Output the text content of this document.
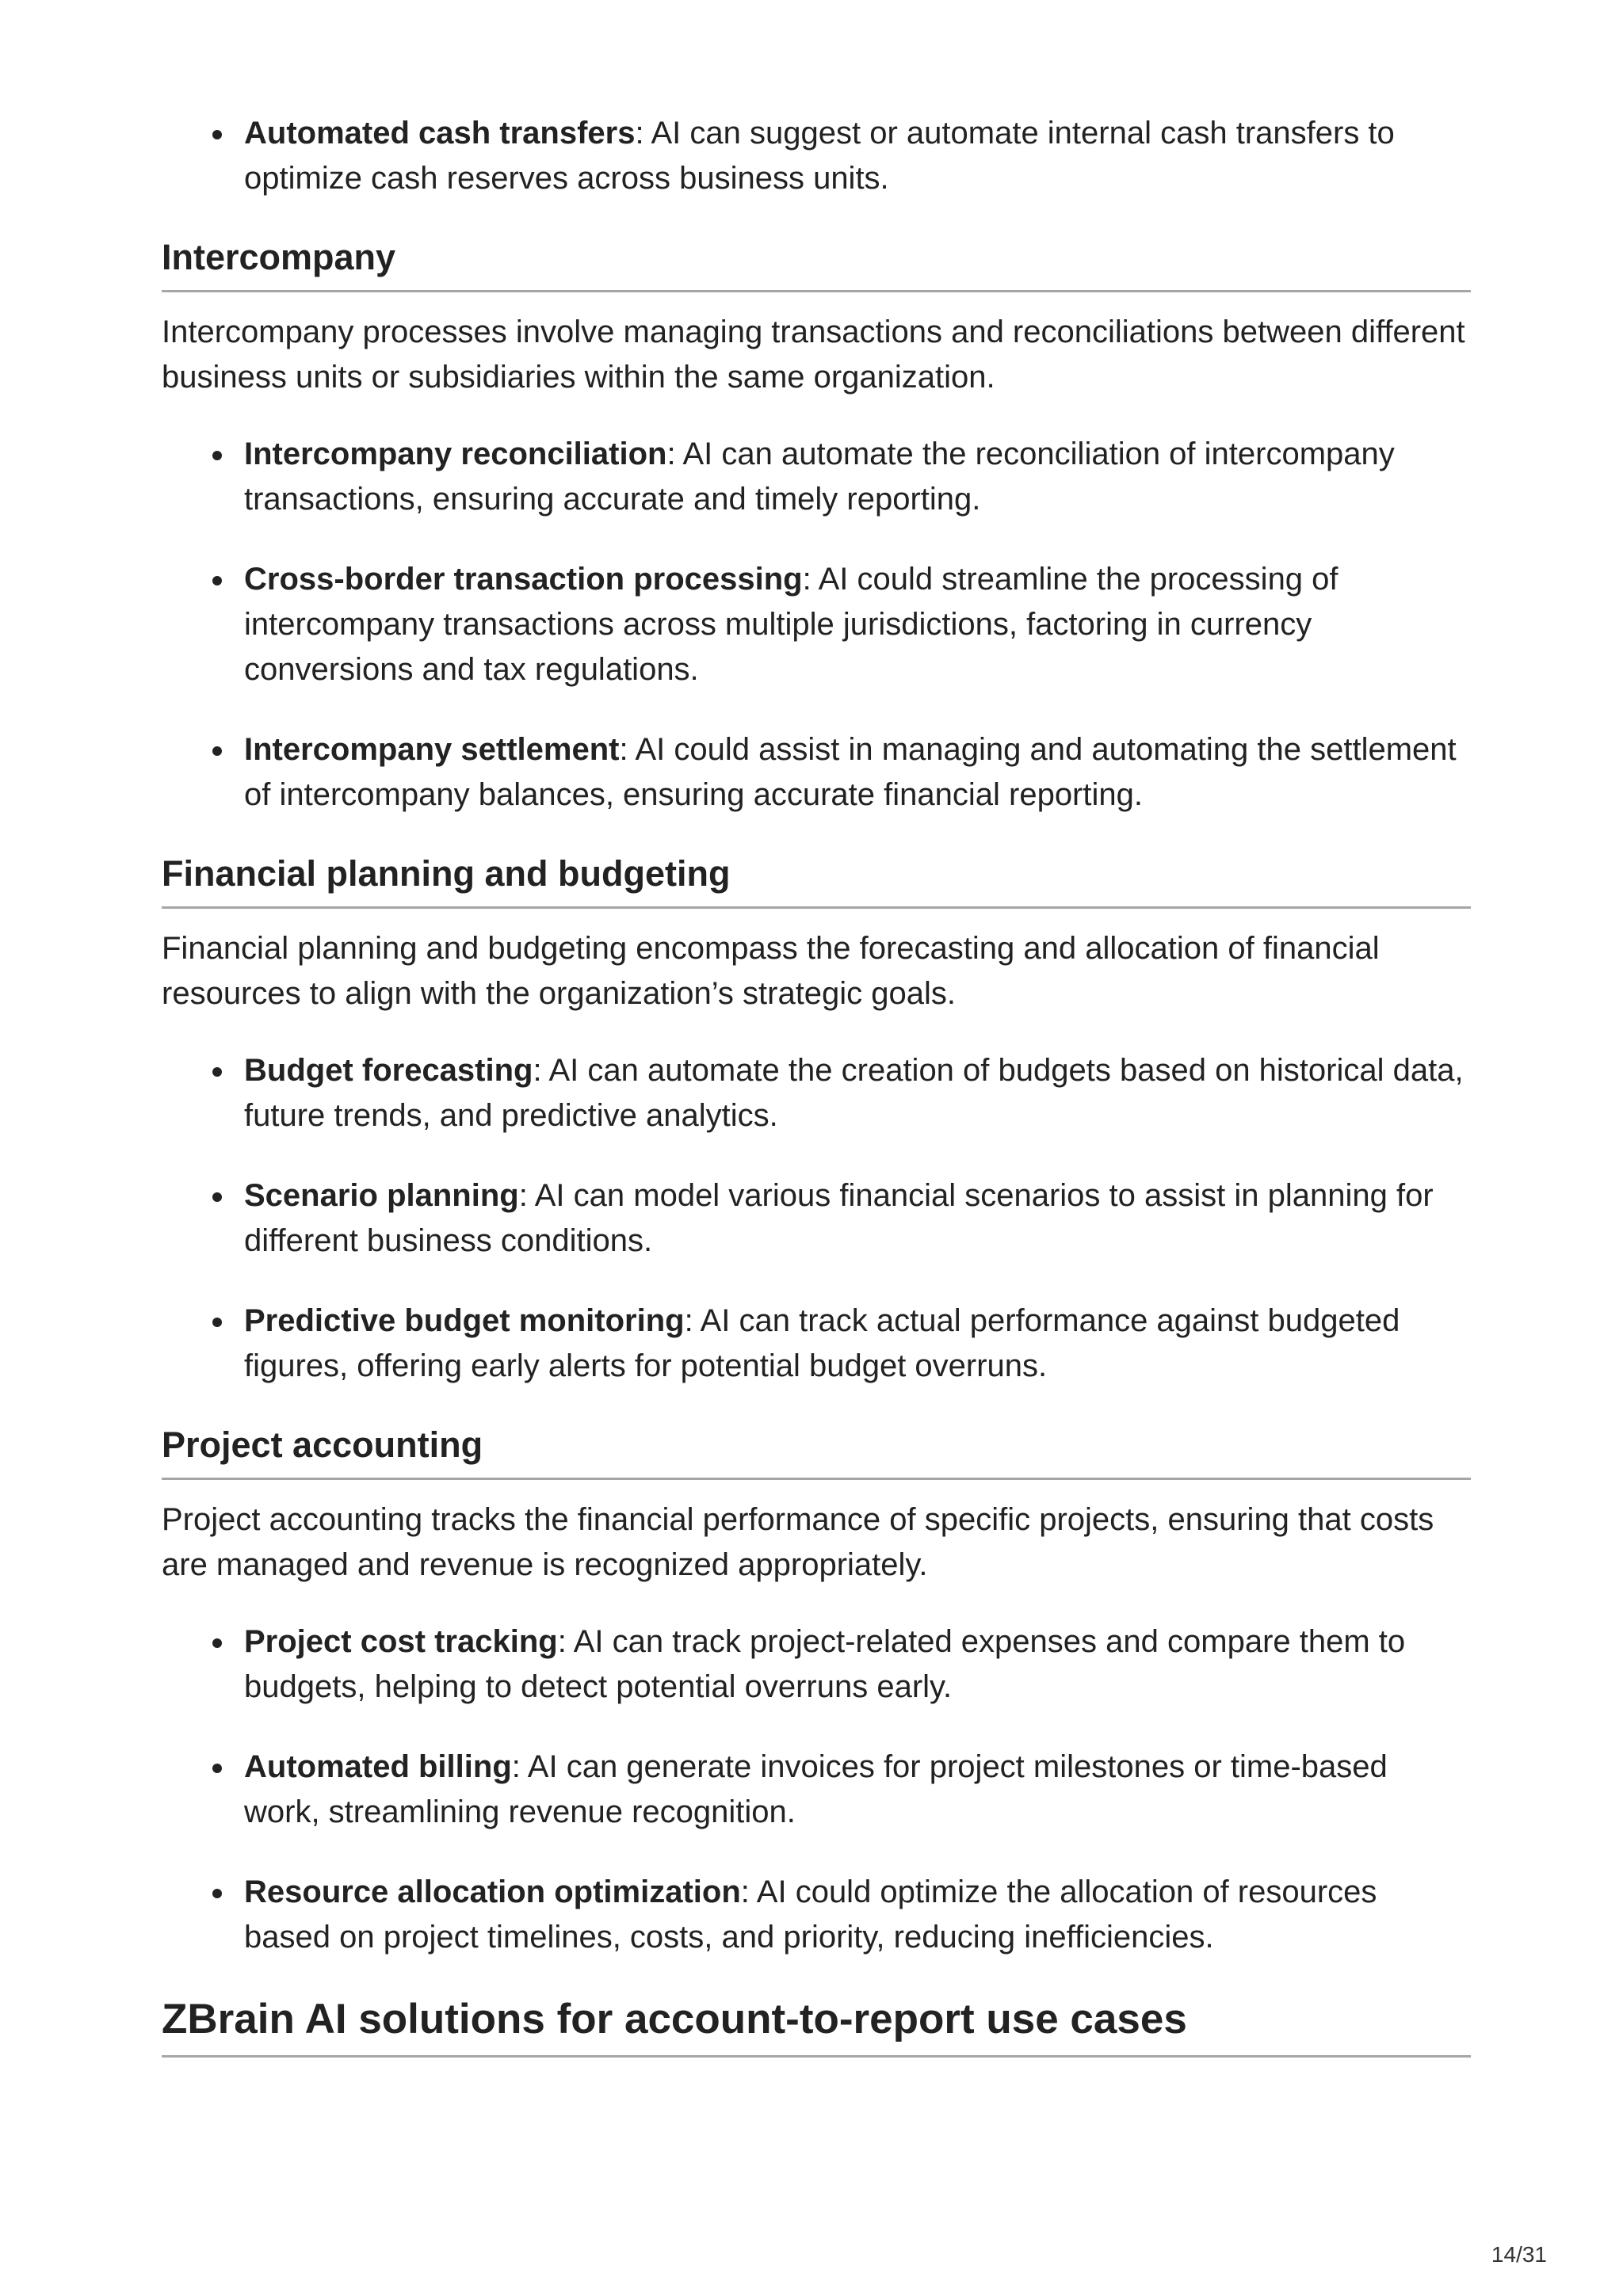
Automated cash transfers: AI can suggest or automate internal cash transfers to optimize cash reserves across business units.
Intercompany

Intercompany processes involve managing transactions and reconciliations between different business units or subsidiaries within the same organization.

Intercompany reconciliation: AI can automate the reconciliation of intercompany transactions, ensuring accurate and timely reporting.
Cross-border transaction processing: AI could streamline the processing of intercompany transactions across multiple jurisdictions, factoring in currency conversions and tax regulations.
Intercompany settlement: AI could assist in managing and automating the settlement of intercompany balances, ensuring accurate financial reporting.
Financial planning and budgeting

Financial planning and budgeting encompass the forecasting and allocation of financial resources to align with the organization’s strategic goals.

Budget forecasting: AI can automate the creation of budgets based on historical data, future trends, and predictive analytics.
Scenario planning: AI can model various financial scenarios to assist in planning for different business conditions.
Predictive budget monitoring: AI can track actual performance against budgeted figures, offering early alerts for potential budget overruns.
Project accounting

Project accounting tracks the financial performance of specific projects, ensuring that costs are managed and revenue is recognized appropriately.

Project cost tracking: AI can track project-related expenses and compare them to budgets, helping to detect potential overruns early.
Automated billing: AI can generate invoices for project milestones or time-based work, streamlining revenue recognition.
Resource allocation optimization: AI could optimize the allocation of resources based on project timelines, costs, and priority, reducing inefficiencies.
ZBrain AI solutions for account-to-report use cases
14/31
